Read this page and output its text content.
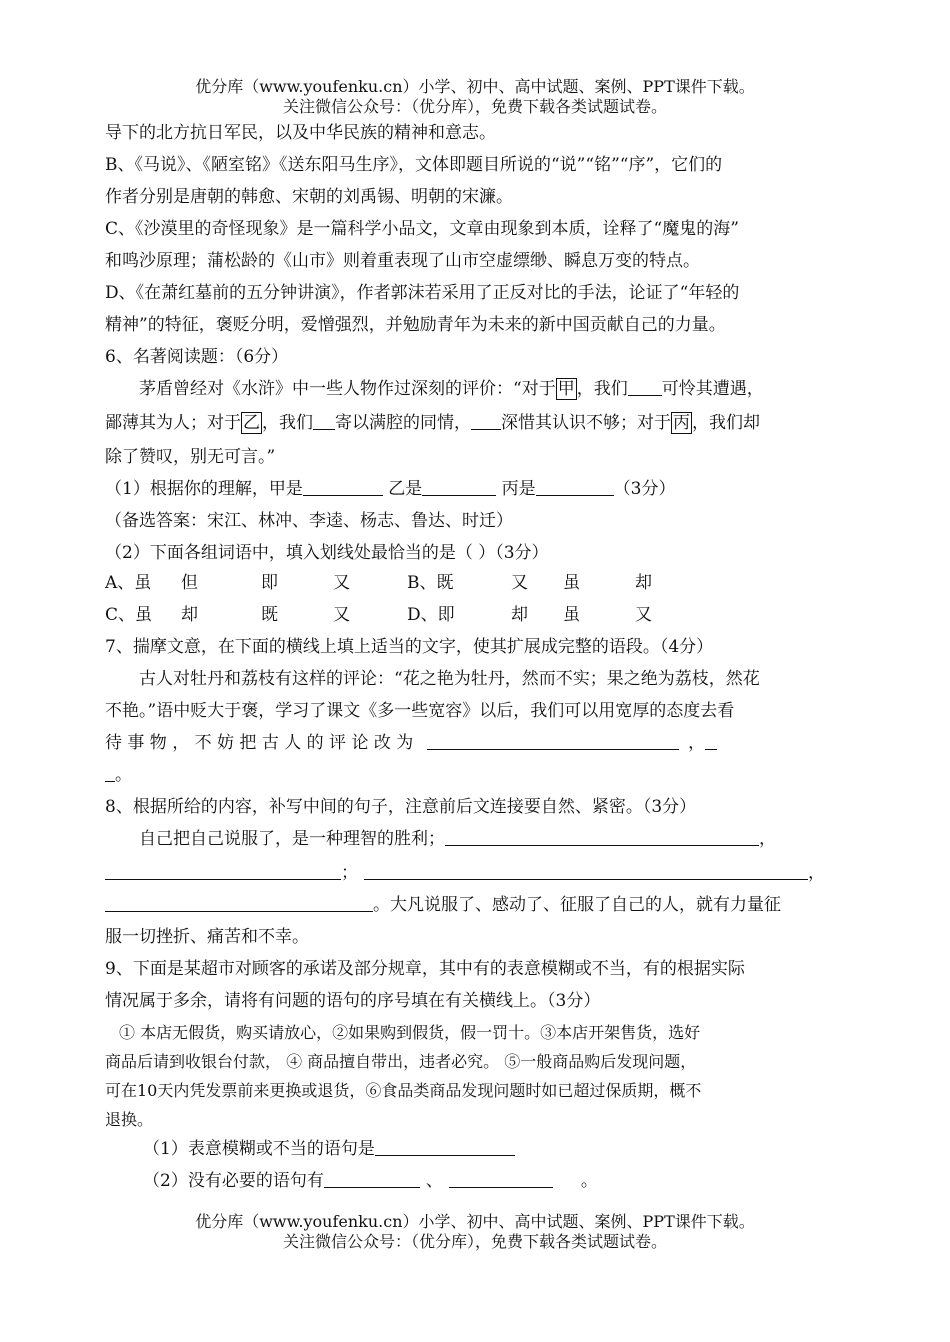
优分库（www.youfenku.cn）小学、初中、高中试题、案例、PPT课件下载。
关注微信公众号：（优分库），免费下载各类试题试卷。
导下的北方抗日军民，以及中华民族的精神和意志。
B、《马说》、《陋室铭》《送东阳马生序》，文体即题目所说的“说”“铭”“序”，它们的
作者分别是唐朝的韩愈、宋朝的刘禹锡、明朝的宋濂。
C、《沙漠里的奇怪现象》是一篇科学小品文，文章由现象到本质，诠释了“魔鬼的海”
和鸣沙原理；蒲松龄的《山市》则着重表现了山市空虚缥缈、瞬息万变的特点。
D、《在萧红墓前的五分钟讲演》，作者郭沫若采用了正反对比的手法，论证了“年轻的
精神”的特征，褒贬分明，爱憎强烈，并勉励青年为未来的新中国贡献自己的力量。
6、名著阅读题：（6分）
茅盾曾经对《水浒》中一些人物作过深刻的评价：“对于 甲 ，我们 可怜其遭遇，
鄙薄其为人；对于 乙 ，我们 寄以满腔的同情， 深惜其认识不够；对于 丙 ，我们却
除了赞叹，别无可言。”
（1）根据你的理解，甲是	乙是	丙是	（3分）
（备选答案：宋江、林冲、李逵、杨志、鲁达、时迁）
（2）下面各组词语中，填入划线处最恰当的是（ ）（3分）
A、虽 但	即	又	B、既	又 虽	却
C、虽 却	既	又	D、即	却 虽	又
7、揣摩文意，在下面的横线上填上适当的文字，使其扩展成完整的语段。（4分）
古人对牡丹和荔枝有这样的评论：“花之艳为牡丹，然而不实；果之绝为荔枝，然花
不艳。”语中贬大于褒，学习了课文《多一些宽容》以后，我们可以用宽厚的态度去看
待 事 物 ， 不 妨 把 古 人 的 评 论 改 为	，
。
8、根据所给的内容，补写中间的句子，注意前后文连接要自然、紧密。（3分）
自己把自己说服了，是一种理智的胜利；	，
；	，
。大凡说服了、感动了、征服了自己的人，就有力量征
服一切挫折、痛苦和不幸。
9、下面是某超市对顾客的承诺及部分规章，其中有的表意模糊或不当，有的根据实际
情况属于多余，请将有问题的语句的序号填在有关横线上。（3分）
① 本店无假货，购买请放心，②如果购到假货，假一罚十。③本店开架售货，选好
商品后请到收银台付款， ④ 商品擅自带出，违者必究。 ⑤一般商品购后发现问题，
可在10天内凭发票前来更换或退货，⑥食品类商品发现问题时如已超过保质期，概不
退换。
（1）表意模糊或不当的语句是
（2）没有必要的语句有	、	。
优分库（www.youfenku.cn）小学、初中、高中试题、案例、PPT课件下载。
关注微信公众号：（优分库），免费下载各类试题试卷。
